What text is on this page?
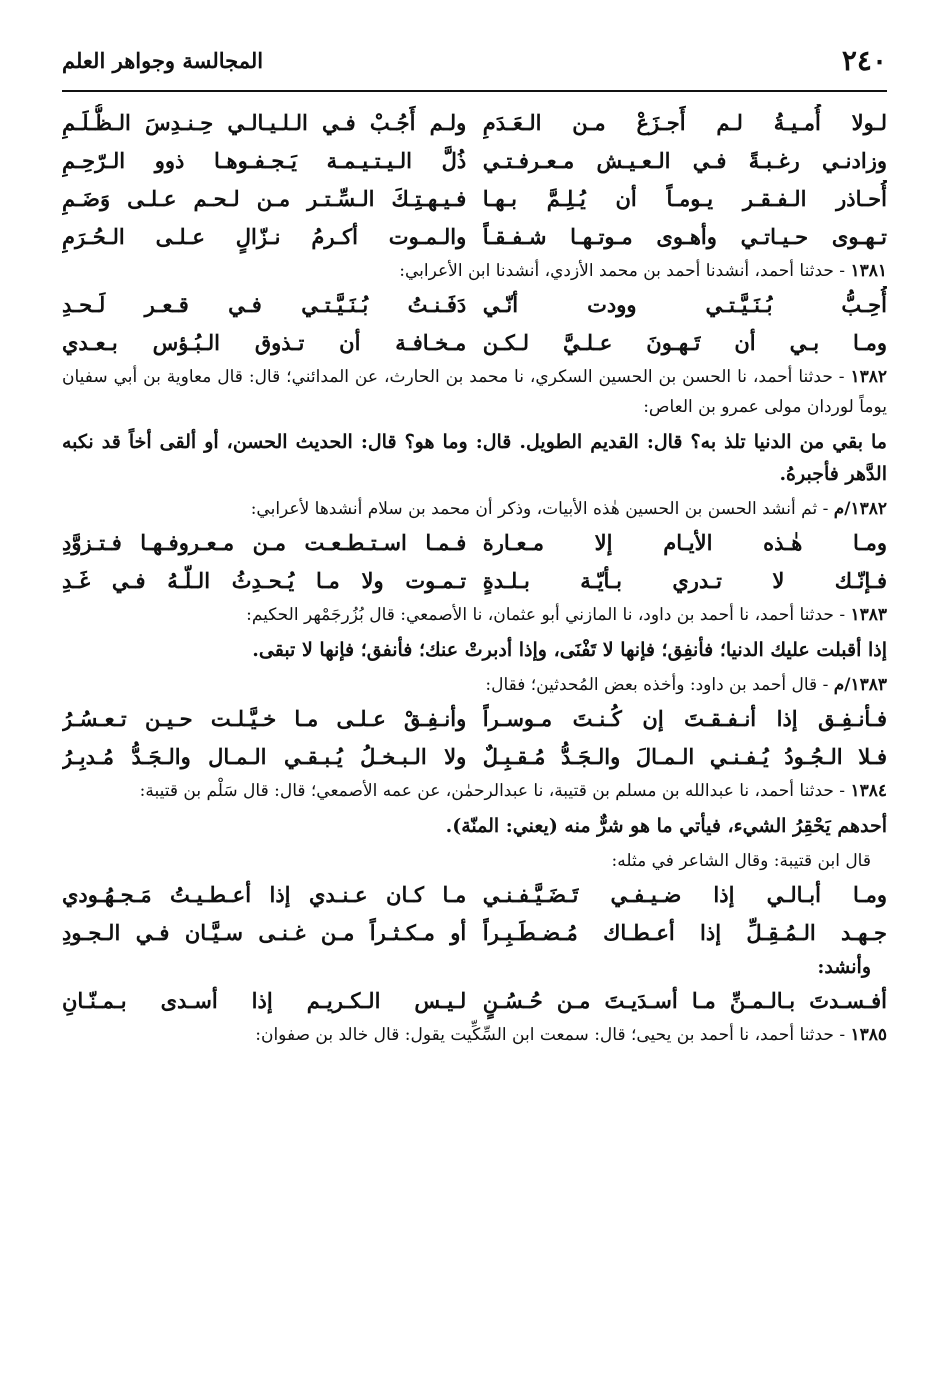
٢٤٠
المجالسة وجواهر العلم
لـولا أُمـيـةُ لـم أَجـزَعْ مـن الـعَـدَمِ
ولـم أَجُـبْ فـي الـلـيـالـي حِـنـدِسَ الـظُّـلَـمِ
وزادنـي رغـبـةً فـي الـعـيـش مـعـرفـتـي
ذُلَّ الـيـتـيـمـة يَـجـفـوهـا ذوو الـرّحِـمِ
أُحـاذر الـفـقـر يـومـاً أن يُـلِـمَّ بـهـا
فـيـهـتِـكَ الـسِّـتـر مـن لـحـم عـلـى وَضَـمِ
تـهـوى حـيـاتـي وأهـوى مـوتـهـا شـفـقـاً
والـمـوت أكـرمُ نـزّالٍ عـلـى الـحُـرَمِ

١٣٨١ - حدثنا أحمد، أنشدنا أحمد بن محمد الأزدي، أنشدنا ابن الأعرابي:

أُحِـبُّ بُـنَـيَّـتـي وودت أنّـي
دَفَـنـتُ بُـنَـيَّـتـي فـي قـعـر لَـحـدِ
ومـا بـي أن تَـهـونَ عـلـيَّ لـكـن
مـخـافـة أن تـذوق الـبُـؤس بـعـدي

١٣٨٢ - حدثنا أحمد، نا الحسن بن الحسين السكري، نا محمد بن الحارث، عن المدائني؛ قال: قال معاوية بن أبي سفيان يوماً لوردان مولى عمرو بن العاص:

ما بقي من الدنيا تلذ به؟ قال: القديم الطويل. قال: وما هو؟ قال: الحديث الحسن، أو ألقى أخاً قد نكبه الدَّهر فأجبرهُ.

١٣٨٢/م - ثم أنشد الحسن بن الحسين هٰذه الأبيات، وذكر أن محمد بن سلام أنشدها لأعرابي:

ومـا هٰـذه الأيـام إلا مـعـارة
فـمـا اسـتـطـعـت مـن مـعـروفـهـا فـتـزوَّدِ
فـإنّـك لا تـدري بـأيّـة بـلـدةٍ
تـمـوت ولا مـا يُـحـدِثُ الـلّـهُ فـي غَـدِ

١٣٨٣ - حدثنا أحمد، نا أحمد بن داود، نا المازني أبو عثمان، نا الأصمعي: قال بُزُرجَمْهر الحكيم:

إذا أقبلت عليك الدنيا؛ فأنفِق؛ فإنها لا تَفْنَى، وإذا أدبرتْ عنك؛ فأنفق؛ فإنها لا تبقى.

١٣٨٣/م - قال أحمد بن داود: وأخذه بعض المُحدثين؛ فقال:

فـأنـفِـق إذا أنـفـقـتَ إن كُـنـتَ مـوسـراً
وأنـفِـقْ عـلـى مـا خـيَّـلـت حـيـن تـعـسُـرُ
فـلا الـجُـودُ يُـفـنـي الـمـالَ والـجَـدُّ مُـقـبِـلٌ
ولا الـبـخـلُ يُـبـقـي الـمـال والـجَـدُّ مُـدبِـرُ

١٣٨٤ - حدثنا أحمد، نا عبدالله بن مسلم بن قتيبة، نا عبدالرحمٰن، عن عمه الأصمعي؛ قال: قال سَلْم بن قتيبة:

أحدهم يَحْقِرُ الشيء، فيأتي ما هو شرٌّ منه (يعني: المنّة).

قال ابن قتيبة: وقال الشاعر في مثله:

ومـا أبـالـي إذا ضـيـفـي تَـضَـيَّـفـنـي
مـا كـان عـنـدي إذا أعـطـيـتُ مَـجـهُـودي
جـهـد الـمُـقِـلِّ إذا أعـطـاك مُـضـطَـبِـراً
أو مـكـثـراً مـن غـنـى سـيَّـان فـي الـجـودِ

وأنشد:

أفـسـدتَ بـالـمـنِّ مـا أسـدَيـتَ مـن حُـسُـنٍ
لـيـس الـكـريـم إذا أسـدى بـمـنّـانِ

١٣٨٥ - حدثنا أحمد، نا أحمد بن يحيى؛ قال: سمعت ابن السِّكِّيت يقول: قال خالد بن صفوان:
